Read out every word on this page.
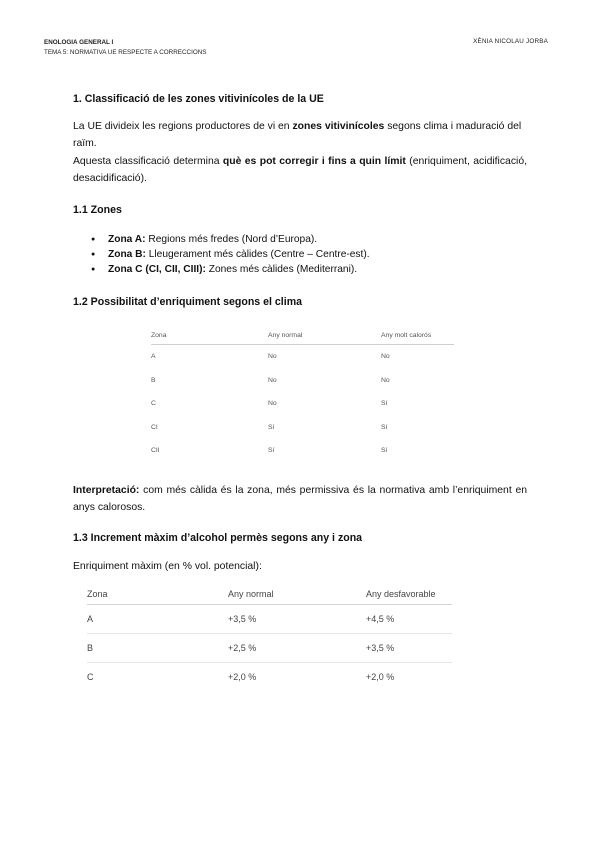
ENOLOGIA GENERAL I
TEMA 5: NORMATIVA UE RESPECTE A CORRECCIONS
XÈNIA NICOLAU JORBA
1. Classificació de les zones vitivinícoles de la UE
La UE divideix les regions productores de vi en zones vitivinícoles segons clima i maduració del raïm.
Aquesta classificació determina què es pot corregir i fins a quin límit (enriquiment, acidificació, desacidificació).
1.1 Zones
● Zona A: Regions més fredes (Nord d’Europa).
● Zona B: Lleugerament més càlides (Centre – Centre-est).
● Zona C (CI, CII, CIII): Zones més càlides (Mediterrani).
1.2 Possibilitat d’enriquiment segons el clima
Zona	Any normal	Any molt calorós
A	No	No
B	No	No
C	No	Sí
CI	Sí	Sí
CII	Sí	Sí
Interpretació: com més càlida és la zona, més permissiva és la normativa amb l’enriquiment en anys calorosos.
1.3 Increment màxim d’alcohol permès segons any i zona
Enriquiment màxim (en % vol. potencial):
Zona	Any normal	Any desfavorable
A	+3,5 %	+4,5 %
B	+2,5 %	+3,5 %
C	+2,0 %	+2,0 %
